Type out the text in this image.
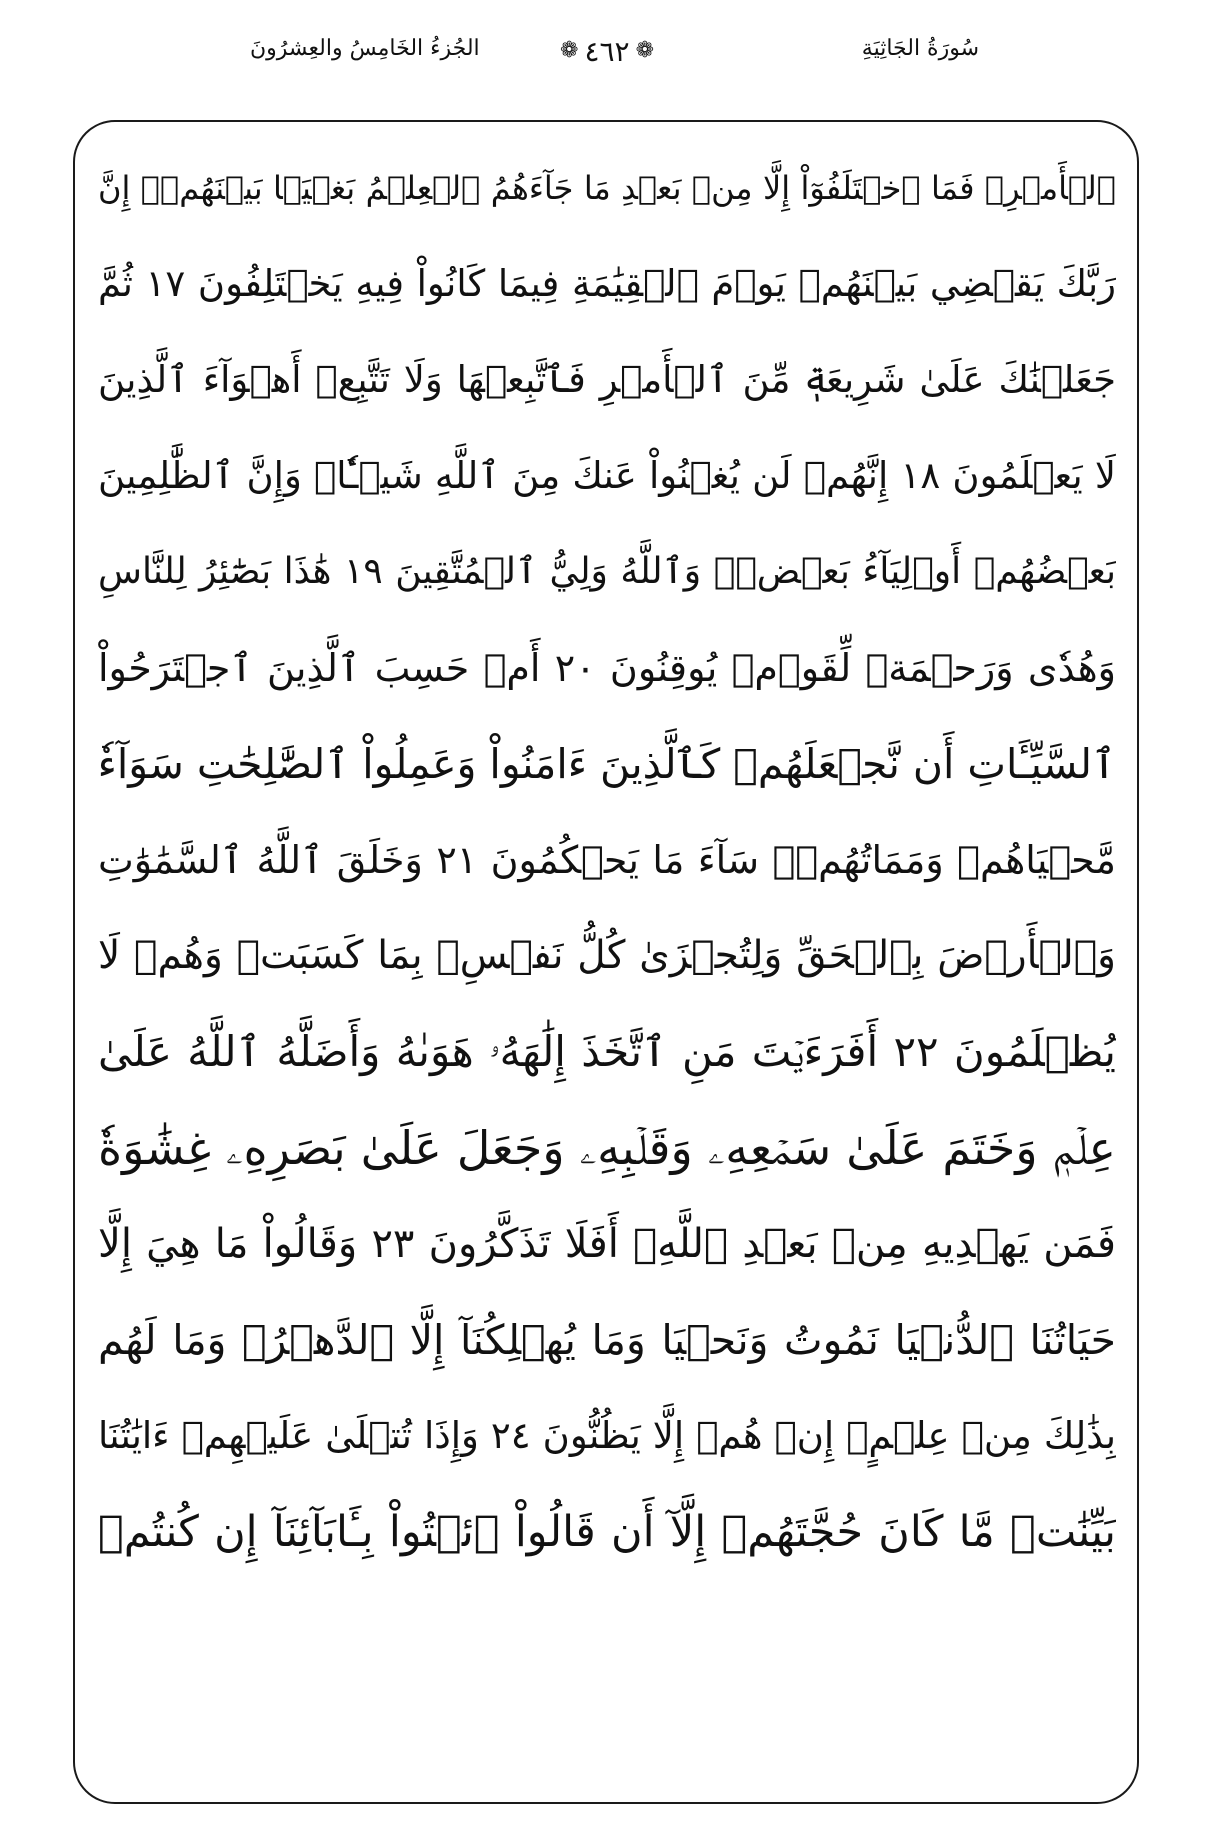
الجُزءُ الخَامِسُ والعِشرُونَ	❁ ٤٦٢ ❁	سُورَةُ الجَاثِيَةِ
ٱلۡأَمۡرِۖ فَمَا ٱخۡتَلَفُوٓاْ إِلَّا مِنۢ بَعۡدِ مَا جَآءَهُمُ ٱلۡعِلۡمُ بَغۡيَۢا بَيۡنَهُمۡۚ إِنَّ
رَبَّكَ يَقۡضِي بَيۡنَهُمۡ يَوۡمَ ٱلۡقِيَٰمَةِ فِيمَا كَانُواْ فِيهِ يَخۡتَلِفُونَ ١٧ ثُمَّ
جَعَلۡنَٰكَ عَلَىٰ شَرِيعَةٖ مِّنَ ٱلۡأَمۡرِ فَٱتَّبِعۡهَا وَلَا تَتَّبِعۡ أَهۡوَآءَ ٱلَّذِينَ
لَا يَعۡلَمُونَ ١٨ إِنَّهُمۡ لَن يُغۡنُواْ عَنكَ مِنَ ٱللَّهِ شَيۡـٔٗاۚ وَإِنَّ ٱلظَّٰلِمِينَ
بَعۡضُهُمۡ أَوۡلِيَآءُ بَعۡضٖۖ وَٱللَّهُ وَلِيُّ ٱلۡمُتَّقِينَ ١٩ هَٰذَا بَصَٰٓئِرُ لِلنَّاسِ
وَهُدٗى وَرَحۡمَةٞ لِّقَوۡمٖ يُوقِنُونَ ٢٠ أَمۡ حَسِبَ ٱلَّذِينَ ٱجۡتَرَحُواْ
ٱلسَّيِّـَٔاتِ أَن نَّجۡعَلَهُمۡ كَٱلَّذِينَ ءَامَنُواْ وَعَمِلُواْ ٱلصَّٰلِحَٰتِ سَوَآءٗ
مَّحۡيَاهُمۡ وَمَمَاتُهُمۡۚ سَآءَ مَا يَحۡكُمُونَ ٢١ وَخَلَقَ ٱللَّهُ ٱلسَّمَٰوَٰتِ
وَٱلۡأَرۡضَ بِٱلۡحَقِّ وَلِتُجۡزَىٰ كُلُّ نَفۡسِۭ بِمَا كَسَبَتۡ وَهُمۡ لَا
يُظۡلَمُونَ ٢٢ أَفَرَءَيۡتَ مَنِ ٱتَّخَذَ إِلَٰهَهُۥ هَوَىٰهُ وَأَضَلَّهُ ٱللَّهُ عَلَىٰ
عِلۡمٖ وَخَتَمَ عَلَىٰ سَمۡعِهِۦ وَقَلۡبِهِۦ وَجَعَلَ عَلَىٰ بَصَرِهِۦ غِشَٰوَةٗ
فَمَن يَهۡدِيهِ مِنۢ بَعۡدِ ٱللَّهِۚ أَفَلَا تَذَكَّرُونَ ٢٣ وَقَالُواْ مَا هِيَ إِلَّا
حَيَاتُنَا ٱلدُّنۡيَا نَمُوتُ وَنَحۡيَا وَمَا يُهۡلِكُنَآ إِلَّا ٱلدَّهۡرُۚ وَمَا لَهُم
بِذَٰلِكَ مِنۡ عِلۡمٍۖ إِنۡ هُمۡ إِلَّا يَظُنُّونَ ٢٤ وَإِذَا تُتۡلَىٰ عَلَيۡهِمۡ ءَايَٰتُنَا
بَيِّنَٰتٖ مَّا كَانَ حُجَّتَهُمۡ إِلَّآ أَن قَالُواْ ٱئۡتُواْ بِـَٔابَآئِنَآ إِن كُنتُمۡ
